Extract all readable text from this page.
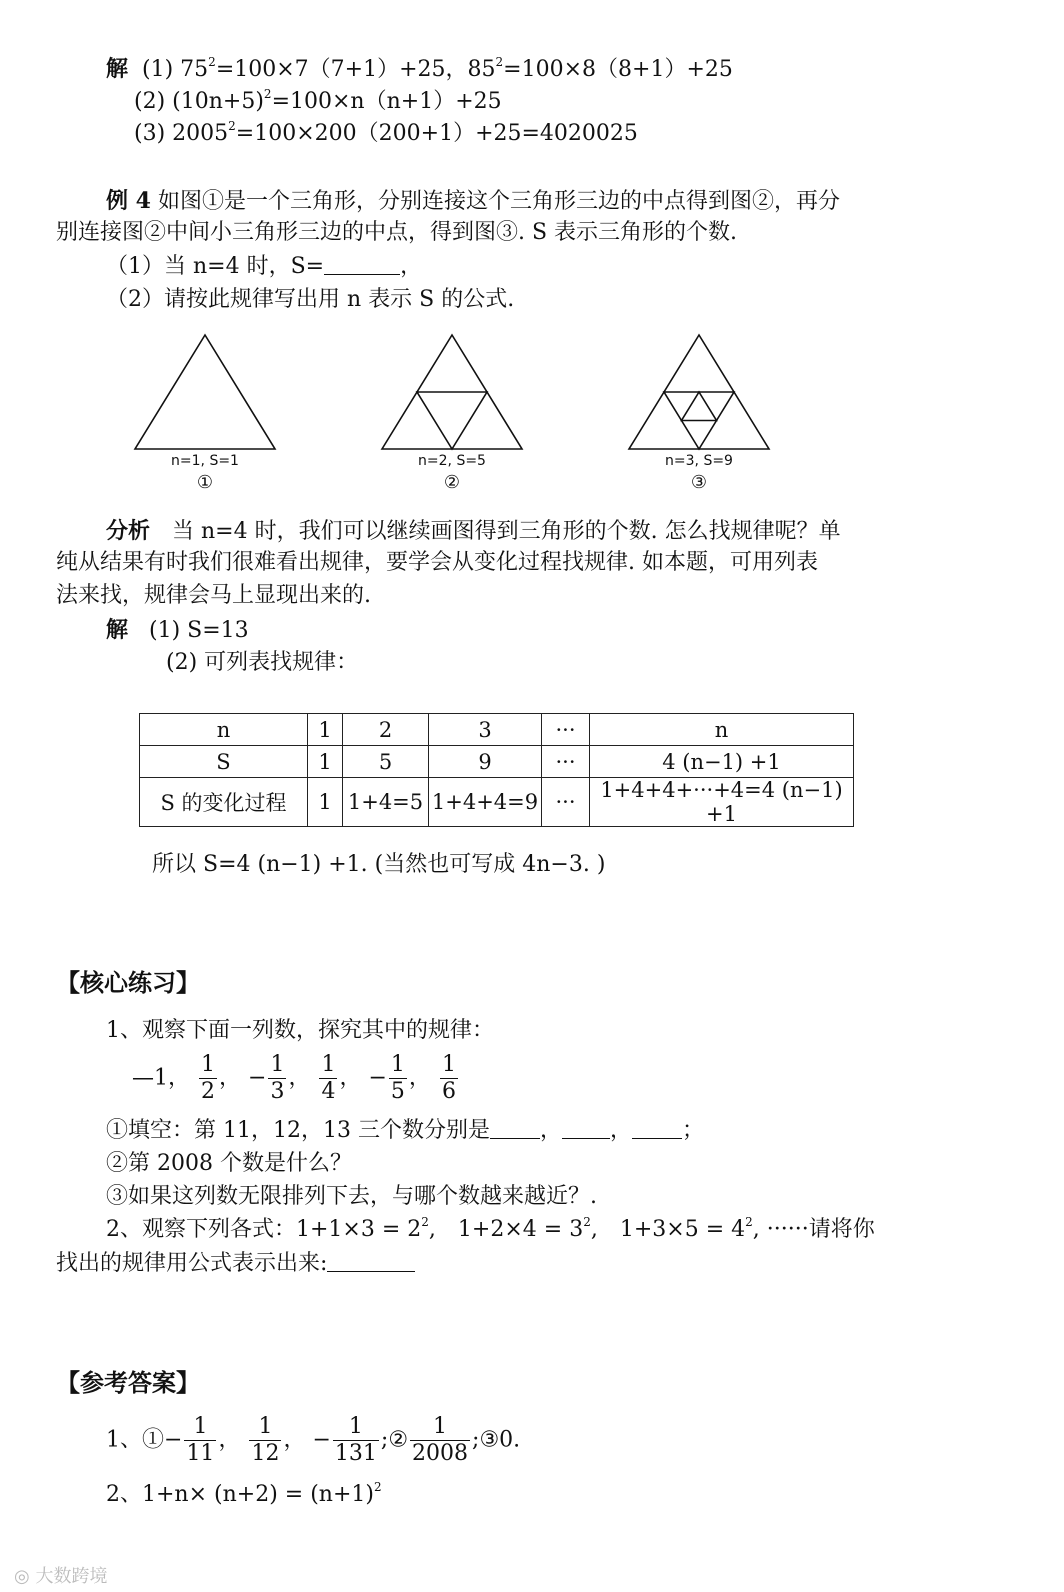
解 (1) $75^2=100\times 7(7+1)+25$，$85^2=100\times 8(8+1)+25$
(2) $(10n+5)^2=100\times n(n+1)+25$
(3) $2005^2=100\times 200(200+1)+25=4020025$
例 4 如图①是一个三角形，分别连接这个三角形三边的中点得到图②，再分
别连接图②中间小三角形三边的中点，得到图③. S 表示三角形的个数.
（1）当 n=4 时，S=	，
（2）请按此规律写出用 n 表示 S 的公式.
n=1, S=1
①
n=2, S=5
②
n=3, S=9
③
分析　当 n=4 时，我们可以继续画图得到三角形的个数. 怎么找规律呢？单
纯从结果有时我们很难看出规律，要学会从变化过程找规律. 如本题，可用列表
法来找，规律会马上显现出来的.
解 (1) S=13
(2) 可列表找规律：
n	1	2	3	···	n
S	1	5	9	···	4 (n−1) +1
S 的变化过程	1	1+4=5	1+4+4=9	···	1+4+4+···+4=4 (n−1) +1
所以 S=4 (n−1) +1. (当然也可写成 4n−3. )
【核心练习】
1、观察下面一列数，探究其中的规律：
—1， $\frac{1}{2}$ ， − $\frac{1}{3}$ ， $\frac{1}{4}$ ， − $\frac{1}{5}$ ， $\frac{1}{6}$
①填空：第 11，12，13 三个数分别是 ， ， ；
②第 2008 个数是什么？
③如果这列数无限排列下去，与哪个数越来越近？.
2、观察下列各式：$1+1\times 3 = 2^2$,　$1+2\times 4 = 3^2$,　$1+3\times 5 = 4^2$, ······请将你
找出的规律用公式表示出来:
【参考答案】
1、①− $\frac{1}{11}$ ， $\frac{1}{12}$ ， − $\frac{1}{131}$ ;② $\frac{1}{2008}$ ;③0.
2、$1+n\times (n+2) = (n+1)^2$
◎ 大数跨境
